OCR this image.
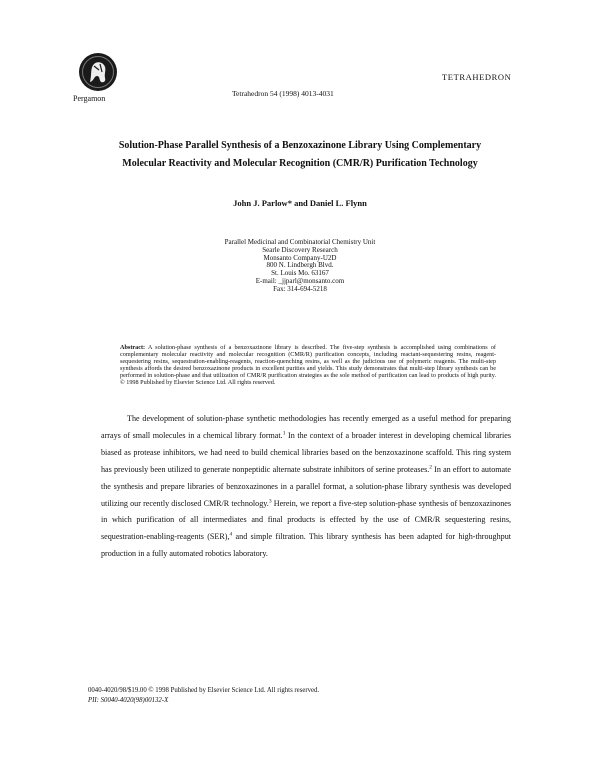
Pergamon
Tetrahedron 54 (1998) 4013-4031
TETRAHEDRON
Solution-Phase Parallel Synthesis of a Benzoxazinone Library Using Complementary
Molecular Reactivity and Molecular Recognition (CMR/R) Purification Technology
John J. Parlow* and Daniel L. Flynn
Parallel Medicinal and Combinatorial Chemistry Unit
Searle Discovery Research
Monsanto Company-U2D
800 N. Lindbergh Blvd.
St. Louis Mo. 63167
E-mail: _jjparl@monsanto.com
Fax: 314-694-5218
Abstract: A solution-phase synthesis of a benzoxazinone library is described. The five-step synthesis is accomplished using combinations of complementary molecular reactivity and molecular recognition (CMR/R) purification concepts, including reactant-sequestering resins, reagent-sequestering resins, sequestration-enabling-reagents, reaction-quenching resins, as well as the judicious use of polymeric reagents. The multi-step synthesis affords the desired benzoxazinone products in excellent purities and yields. This study demonstrates that multi-step library synthesis can be performed in solution-phase and that utilization of CMR/R purification strategies as the sole method of purification can lead to products of high purity. © 1998 Published by Elsevier Science Ltd. All rights reserved.
The development of solution-phase synthetic methodologies has recently emerged as a useful method for preparing arrays of small molecules in a chemical library format.$^1$ In the context of a broader interest in developing chemical libraries biased as protease inhibitors, we had need to build chemical libraries based on the benzoxazinone scaffold. This ring system has previously been utilized to generate nonpeptidic alternate substrate inhibitors of serine proteases.$^2$ In an effort to automate the synthesis and prepare libraries of benzoxazinones in a parallel format, a solution-phase library synthesis was developed utilizing our recently disclosed CMR/R technology.$^3$ Herein, we report a five-step solution-phase synthesis of benzoxazinones in which purification of all intermediates and final products is effected by the use of CMR/R sequestering resins, sequestration-enabling-reagents (SER),$^4$ and simple filtration. This library synthesis has been adapted for high-throughput production in a fully automated robotics laboratory.
0040-4020/98/$19.00 © 1998 Published by Elsevier Science Ltd. All rights reserved.
PII: S0040-4020(98)00132-X
